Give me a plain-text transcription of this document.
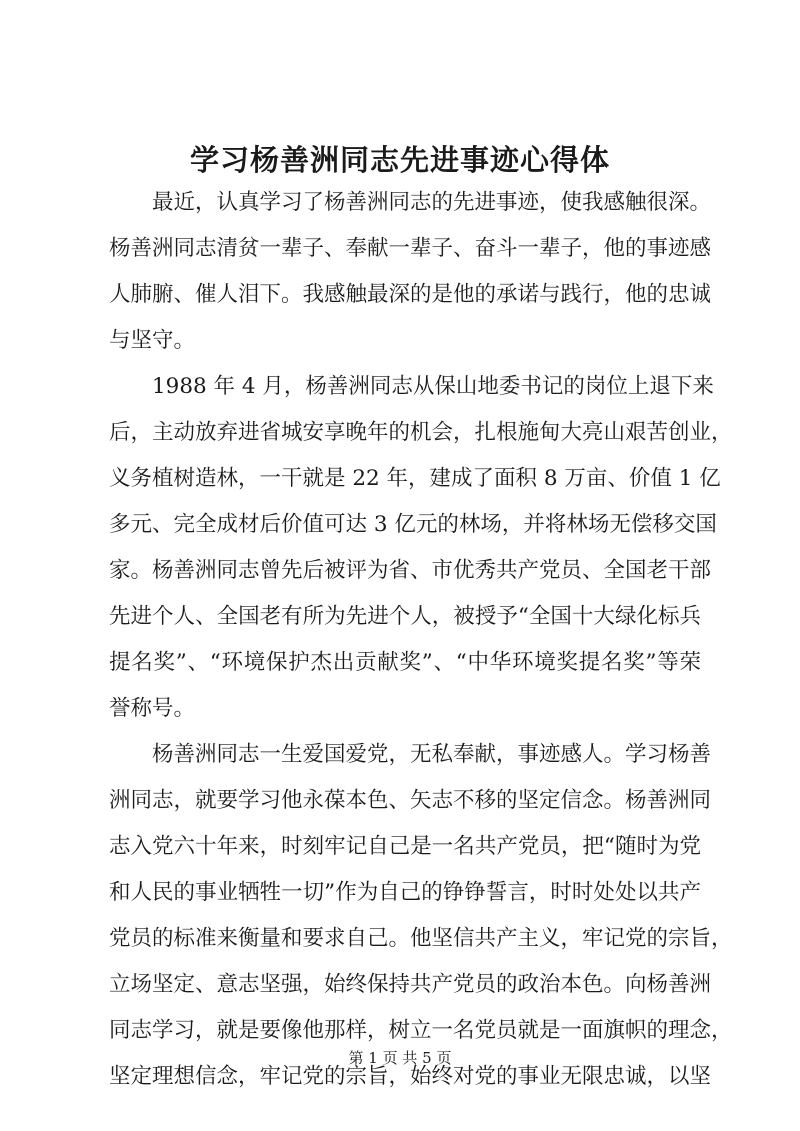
学习杨善洲同志先进事迹心得体
最近，认真学习了杨善洲同志的先进事迹，使我感触很深。
杨善洲同志清贫一辈子、奉献一辈子、奋斗一辈子，他的事迹感
人肺腑、催人泪下。我感触最深的是他的承诺与践行，他的忠诚
与坚守。
1988 年 4 月，杨善洲同志从保山地委书记的岗位上退下来
后，主动放弃进省城安享晚年的机会，扎根施甸大亮山艰苦创业，
义务植树造林，一干就是 22 年，建成了面积 8 万亩、价值 1 亿
多元、完全成材后价值可达 3 亿元的林场，并将林场无偿移交国
家。杨善洲同志曾先后被评为省、市优秀共产党员、全国老干部
先进个人、全国老有所为先进个人，被授予“全国十大绿化标兵
提名奖”、“环境保护杰出贡献奖”、“中华环境奖提名奖”等荣
誉称号。
杨善洲同志一生爱国爱党，无私奉献，事迹感人。学习杨善
洲同志，就要学习他永葆本色、矢志不移的坚定信念。杨善洲同
志入党六十年来，时刻牢记自己是一名共产党员，把“随时为党
和人民的事业牺牲一切”作为自己的铮铮誓言，时时处处以共产
党员的标准来衡量和要求自己。他坚信共产主义，牢记党的宗旨，
立场坚定、意志坚强，始终保持共产党员的政治本色。向杨善洲
同志学习，就是要像他那样，树立一名党员就是一面旗帜的理念，
坚定理想信念，牢记党的宗旨，始终对党的事业无限忠诚，以坚
第 1 页 共 5 页
